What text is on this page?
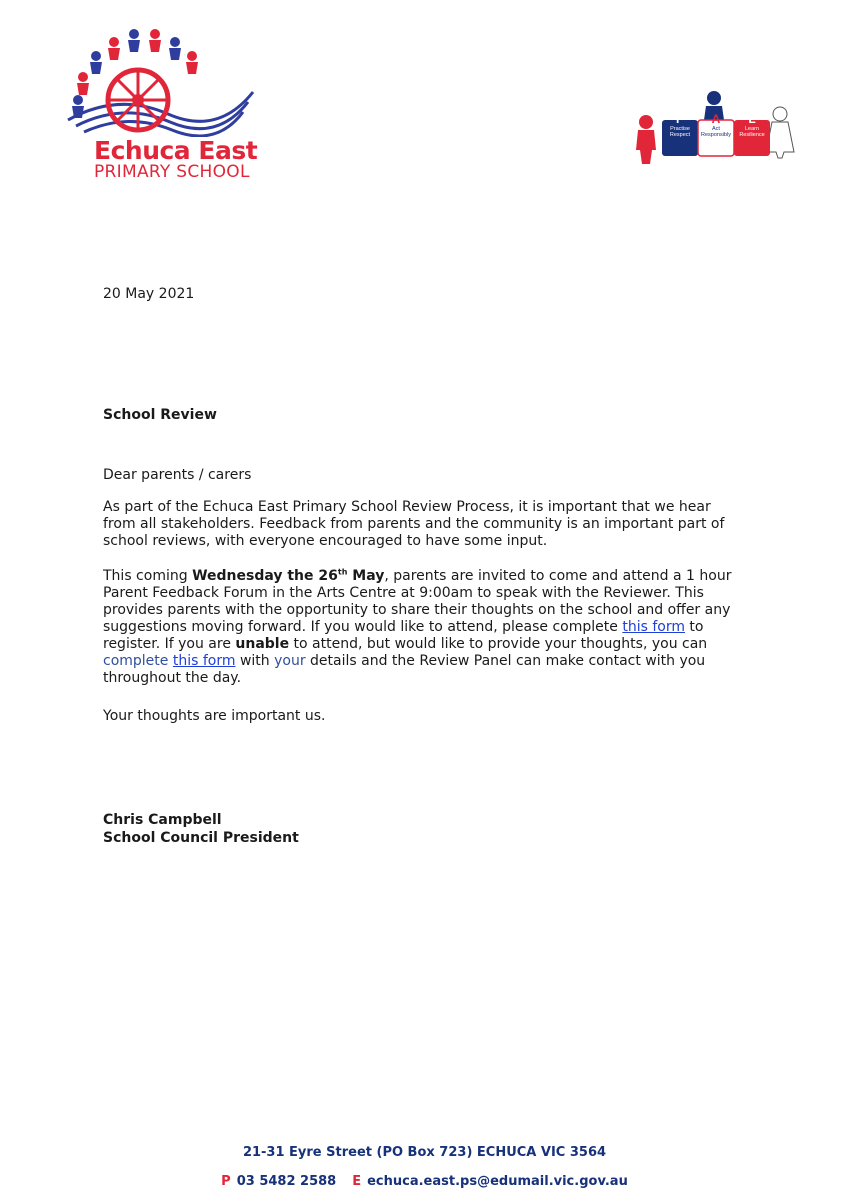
Echuca East

PRIMARY SCHOOL

P	A	L
Practise Respect
Act Responsibly
Learn Resilience
20 May 2021
School Review
Dear parents / carers

As part of the Echuca East Primary School Review Process, it is important that we hear from all stakeholders. Feedback from parents and the community is an important part of school reviews, with everyone encouraged to have some input.

This coming Wednesday the 26th May, parents are invited to come and attend a 1 hour Parent Feedback Forum in the Arts Centre at 9:00am to speak with the Reviewer. This provides parents with the opportunity to share their thoughts on the school and offer any suggestions moving forward. If you would like to attend, please complete this form to register. If you are unable to attend, but would like to provide your thoughts, you can complete this form with your details and the Review Panel can make contact with you throughout the day.

Your thoughts are important us.
Chris Campbell
School Council President

21-31 Eyre Street (PO Box 723) ECHUCA VIC 3564

P 03 5482 2588 E echuca.east.ps@edumail.vic.gov.au
